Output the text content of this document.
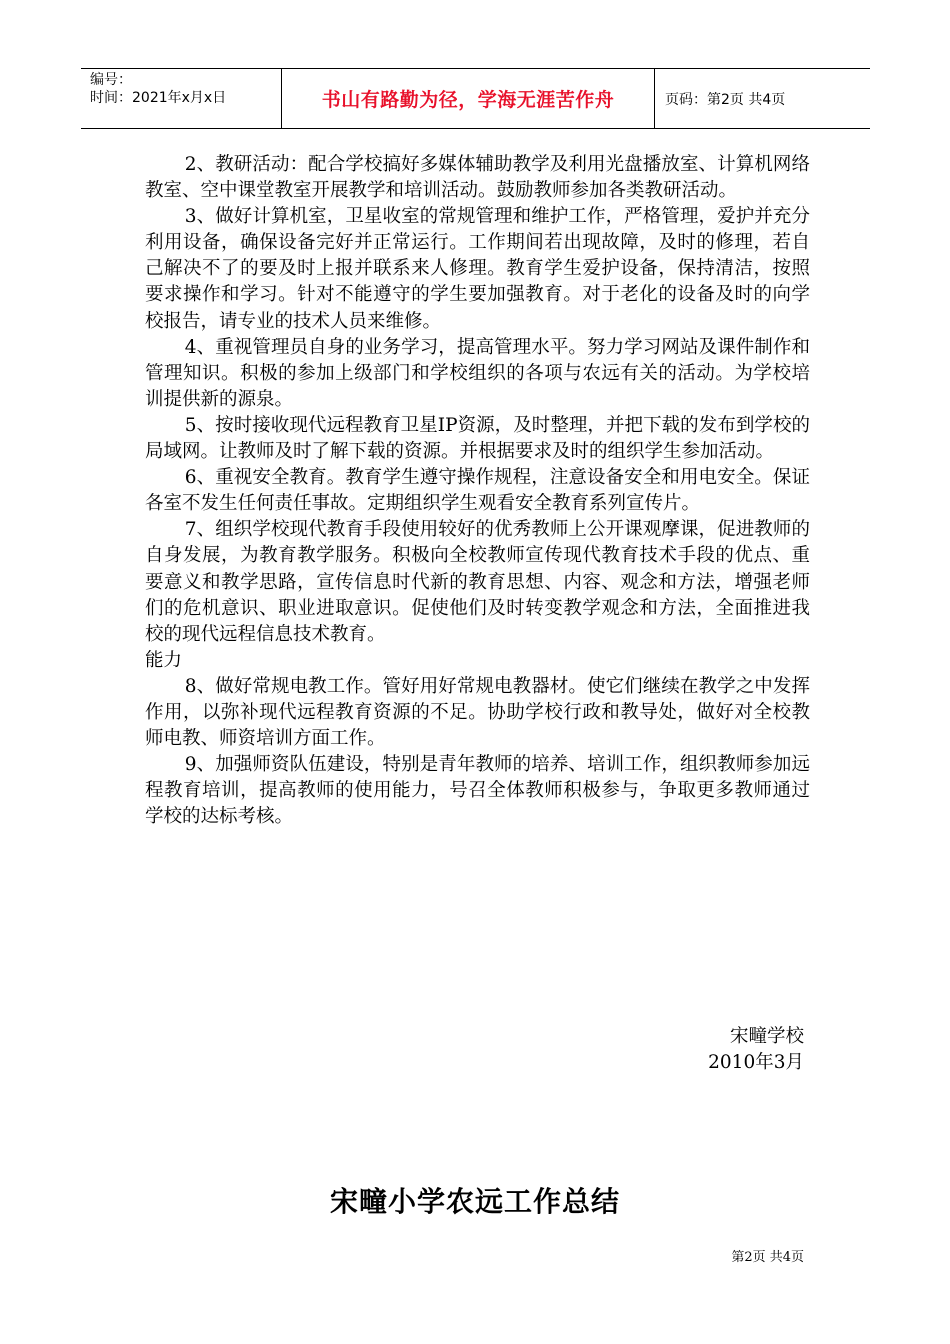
编号：
时间：2021年x月x日	书山有路勤为径，学海无涯苦作舟	页码：第2页 共4页

2、教研活动：配合学校搞好多媒体辅助教学及利用光盘播放室、计算机网络教室、空中课堂教室开展教学和培训活动。鼓励教师参加各类教研活动。

3、做好计算机室，卫星收室的常规管理和维护工作，严格管理，爱护并充分利用设备，确保设备完好并正常运行。工作期间若出现故障，及时的修理，若自己解决不了的要及时上报并联系来人修理。教育学生爱护设备，保持清洁，按照要求操作和学习。针对不能遵守的学生要加强教育。对于老化的设备及时的向学校报告，请专业的技术人员来维修。

4、重视管理员自身的业务学习，提高管理水平。努力学习网站及课件制作和管理知识。积极的参加上级部门和学校组织的各项与农远有关的活动。为学校培训提供新的源泉。

5、按时接收现代远程教育卫星IP资源，及时整理，并把下载的发布到学校的局域网。让教师及时了解下载的资源。并根据要求及时的组织学生参加活动。

6、重视安全教育。教育学生遵守操作规程，注意设备安全和用电安全。保证各室不发生任何责任事故。定期组织学生观看安全教育系列宣传片。

7、组织学校现代教育手段使用较好的优秀教师上公开课观摩课，促进教师的自身发展，为教育教学服务。积极向全校教师宣传现代教育技术手段的优点、重要意义和教学思路，宣传信息时代新的教育思想、内容、观念和方法，增强老师们的危机意识、职业进取意识。促使他们及时转变教学观念和方法，全面推进我校的现代远程信息技术教育。

能力

8、做好常规电教工作。管好用好常规电教器材。使它们继续在教学之中发挥作用，以弥补现代远程教育资源的不足。协助学校行政和教导处，做好对全校教师电教、师资培训方面工作。

9、加强师资队伍建设，特别是青年教师的培养、培训工作，组织教师参加远程教育培训，提高教师的使用能力，号召全体教师积极参与，争取更多教师通过学校的达标考核。

宋疃学校
2010年3月
宋疃小学农远工作总结
第2页 共4页
